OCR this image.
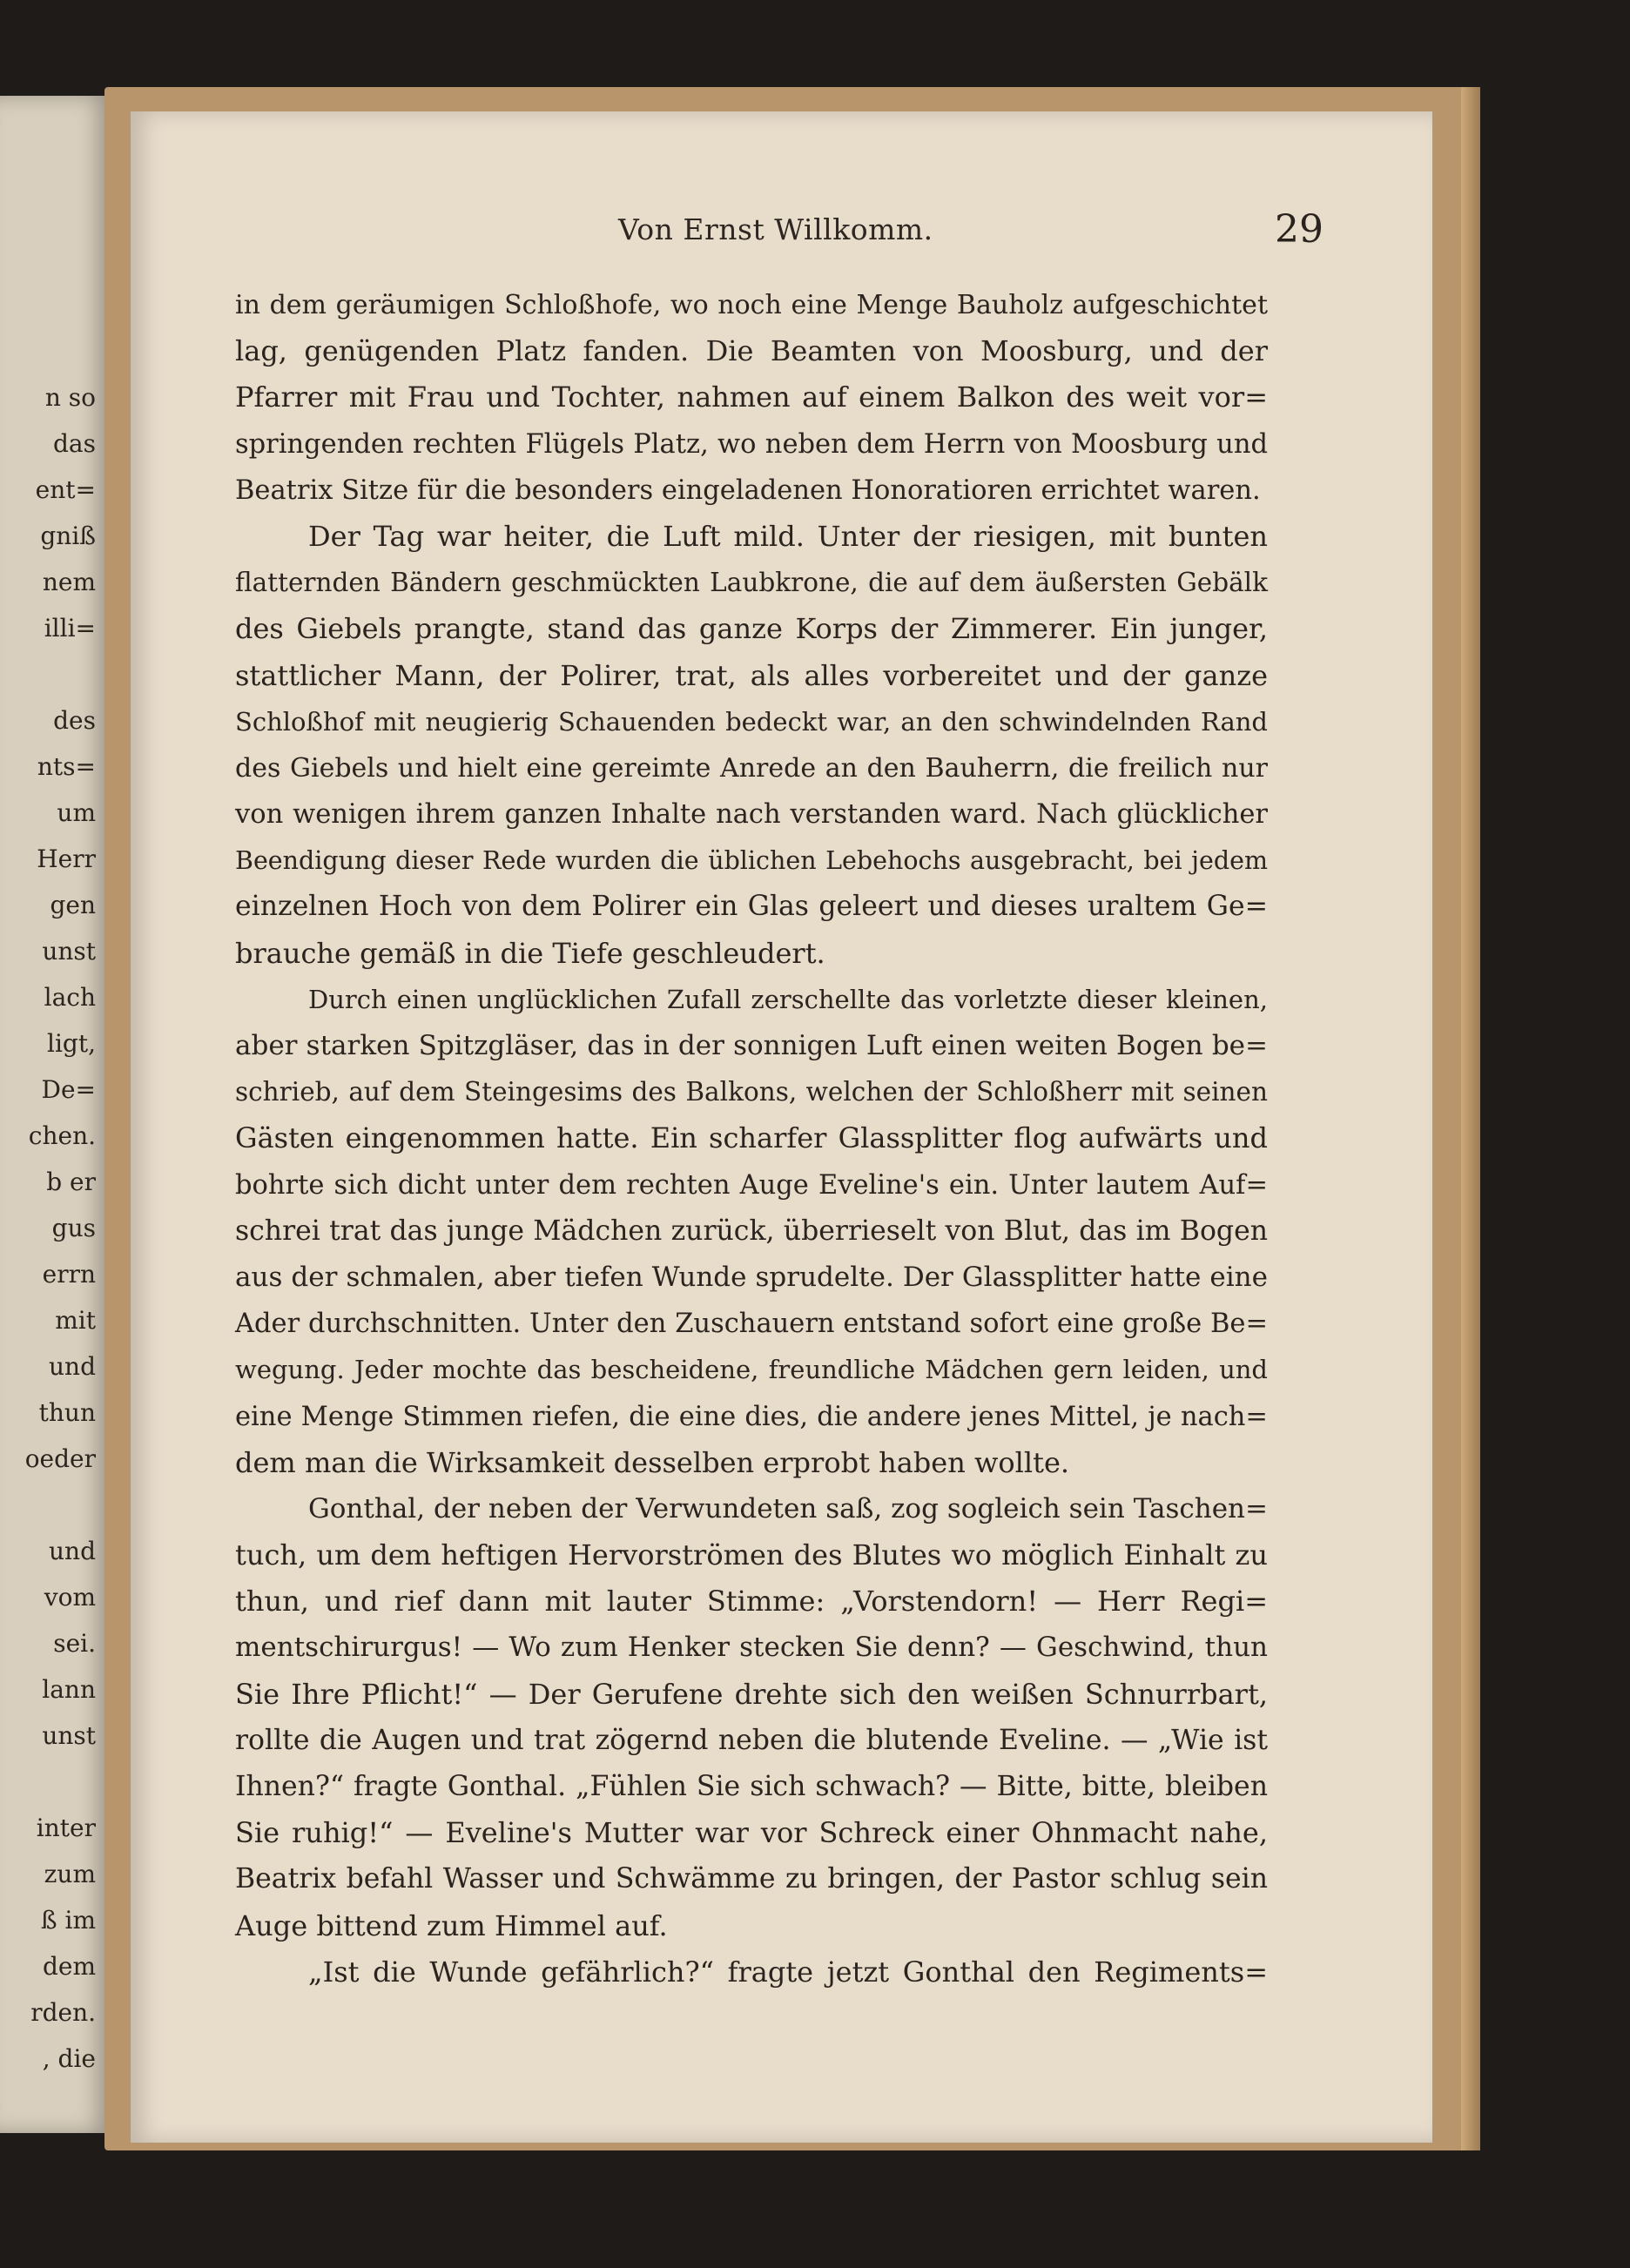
n so
das
ent=
gniß
nem
illi=
des
nts=
um
Herr
gen
unst
lach
ligt,
De=
chen.
b er
gus
errn
mit
und
thun
oeder
und
vom
sei.
lann
unst
inter
zum
ß im
dem
rden.
, die
Von Ernst Willkomm.	29
in dem geräumigen Schloßhofe, wo noch eine Menge Bauholz aufgeschichtet
lag, genügenden Platz fanden. Die Beamten von Moosburg, und der
Pfarrer mit Frau und Tochter, nahmen auf einem Balkon des weit vor=
springenden rechten Flügels Platz, wo neben dem Herrn von Moosburg und
Beatrix Sitze für die besonders eingeladenen Honoratioren errichtet waren.
Der Tag war heiter, die Luft mild. Unter der riesigen, mit bunten
flatternden Bändern geschmückten Laubkrone, die auf dem äußersten Gebälk
des Giebels prangte, stand das ganze Korps der Zimmerer. Ein junger,
stattlicher Mann, der Polirer, trat, als alles vorbereitet und der ganze
Schloßhof mit neugierig Schauenden bedeckt war, an den schwindelnden Rand
des Giebels und hielt eine gereimte Anrede an den Bauherrn, die freilich nur
von wenigen ihrem ganzen Inhalte nach verstanden ward. Nach glücklicher
Beendigung dieser Rede wurden die üblichen Lebehochs ausgebracht, bei jedem
einzelnen Hoch von dem Polirer ein Glas geleert und dieses uraltem Ge=
brauche gemäß in die Tiefe geschleudert.
Durch einen unglücklichen Zufall zerschellte das vorletzte dieser kleinen,
aber starken Spitzgläser, das in der sonnigen Luft einen weiten Bogen be=
schrieb, auf dem Steingesims des Balkons, welchen der Schloßherr mit seinen
Gästen eingenommen hatte. Ein scharfer Glassplitter flog aufwärts und
bohrte sich dicht unter dem rechten Auge Eveline's ein. Unter lautem Auf=
schrei trat das junge Mädchen zurück, überrieselt von Blut, das im Bogen
aus der schmalen, aber tiefen Wunde sprudelte. Der Glassplitter hatte eine
Ader durchschnitten. Unter den Zuschauern entstand sofort eine große Be=
wegung. Jeder mochte das bescheidene, freundliche Mädchen gern leiden, und
eine Menge Stimmen riefen, die eine dies, die andere jenes Mittel, je nach=
dem man die Wirksamkeit desselben erprobt haben wollte.
Gonthal, der neben der Verwundeten saß, zog sogleich sein Taschen=
tuch, um dem heftigen Hervorströmen des Blutes wo möglich Einhalt zu
thun, und rief dann mit lauter Stimme: „Vorstendorn! — Herr Regi=
mentschirurgus! — Wo zum Henker stecken Sie denn? — Geschwind, thun
Sie Ihre Pflicht!“ — Der Gerufene drehte sich den weißen Schnurrbart,
rollte die Augen und trat zögernd neben die blutende Eveline. — „Wie ist
Ihnen?“ fragte Gonthal. „Fühlen Sie sich schwach? — Bitte, bitte, bleiben
Sie ruhig!“ — Eveline's Mutter war vor Schreck einer Ohnmacht nahe,
Beatrix befahl Wasser und Schwämme zu bringen, der Pastor schlug sein
Auge bittend zum Himmel auf.
„Ist die Wunde gefährlich?“ fragte jetzt Gonthal den Regiments=
